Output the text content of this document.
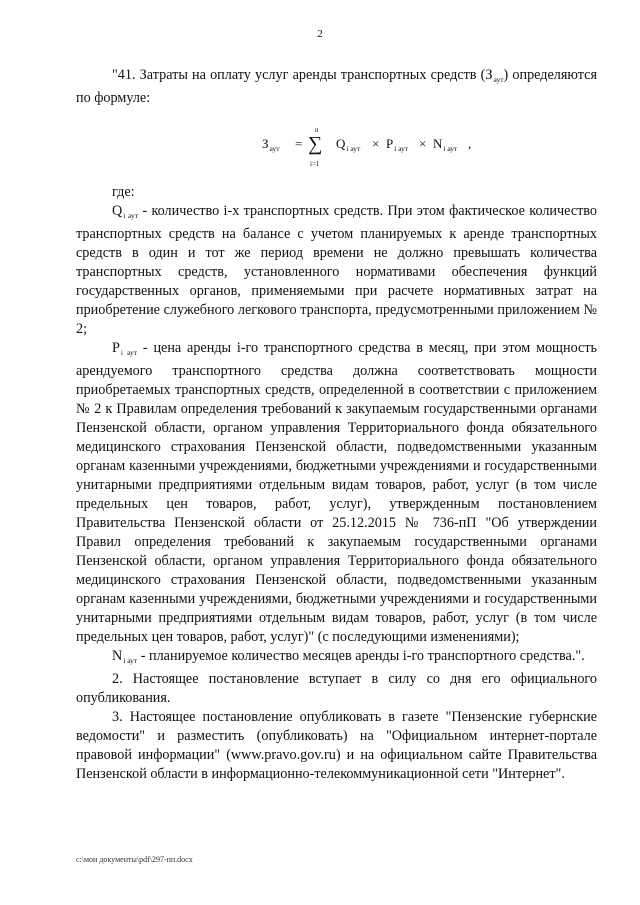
2

"41. Затраты на оплату услуг аренды транспортных средств $(З_{аут})$ определяются по формуле:

$З_{аут}$ =
n
∑
i=1
$Q_{i аут} \times P_{i аут} \times N_{i аут}$ ,

где:

$Q_{i аут}$ - количество i-х транспортных средств. При этом фактическое количество транспортных средств на балансе с учетом планируемых к аренде транспортных средств в один и тот же период времени не должно превышать количества транспортных средств, установленного нормативами обеспечения функций государственных органов, применяемыми при расчете нормативных затрат на приобретение служебного легкового транспорта, предусмотренными приложением № 2;

$P_{i аут}$ - цена аренды i-го транспортного средства в месяц, при этом мощность арендуемого транспортного средства должна соответствовать мощности приобретаемых транспортных средств, определенной в соответствии с приложением № 2 к Правилам определения требований к закупаемым государственными органами Пензенской области, органом управления Территориального фонда обязательного медицинского страхования Пензенской области, подведомственными указанным органам казенными учреждениями, бюджетными учреждениями и государственными унитарными предприятиями отдельным видам товаров, работ, услуг (в том числе предельных цен товаров, работ, услуг), утвержденным постановлением Правительства Пензенской области от 25.12.2015 № 736-пП "Об утверждении Правил определения требований к закупаемым государственными органами Пензенской области, органом управления Территориального фонда обязательного медицинского страхования Пензенской области, подведомственными указанным органам казенными учреждениями, бюджетными учреждениями и государственными унитарными предприятиями отдельным видам товаров, работ, услуг (в том числе предельных цен товаров, работ, услуг)" (с последующими изменениями);

$N_{i аут}$ - планируемое количество месяцев аренды i-го транспортного средства.".

2. Настоящее постановление вступает в силу со дня его официального опубликования.

3. Настоящее постановление опубликовать в газете "Пензенские губернские ведомости" и разместить (опубликовать) на "Официальном интернет-портале правовой информации" (www.pravo.gov.ru) и на официальном сайте Правительства Пензенской области в информационно-телекоммуникационной сети "Интернет".

c:\мои документы\pdf\297-пп.docx
